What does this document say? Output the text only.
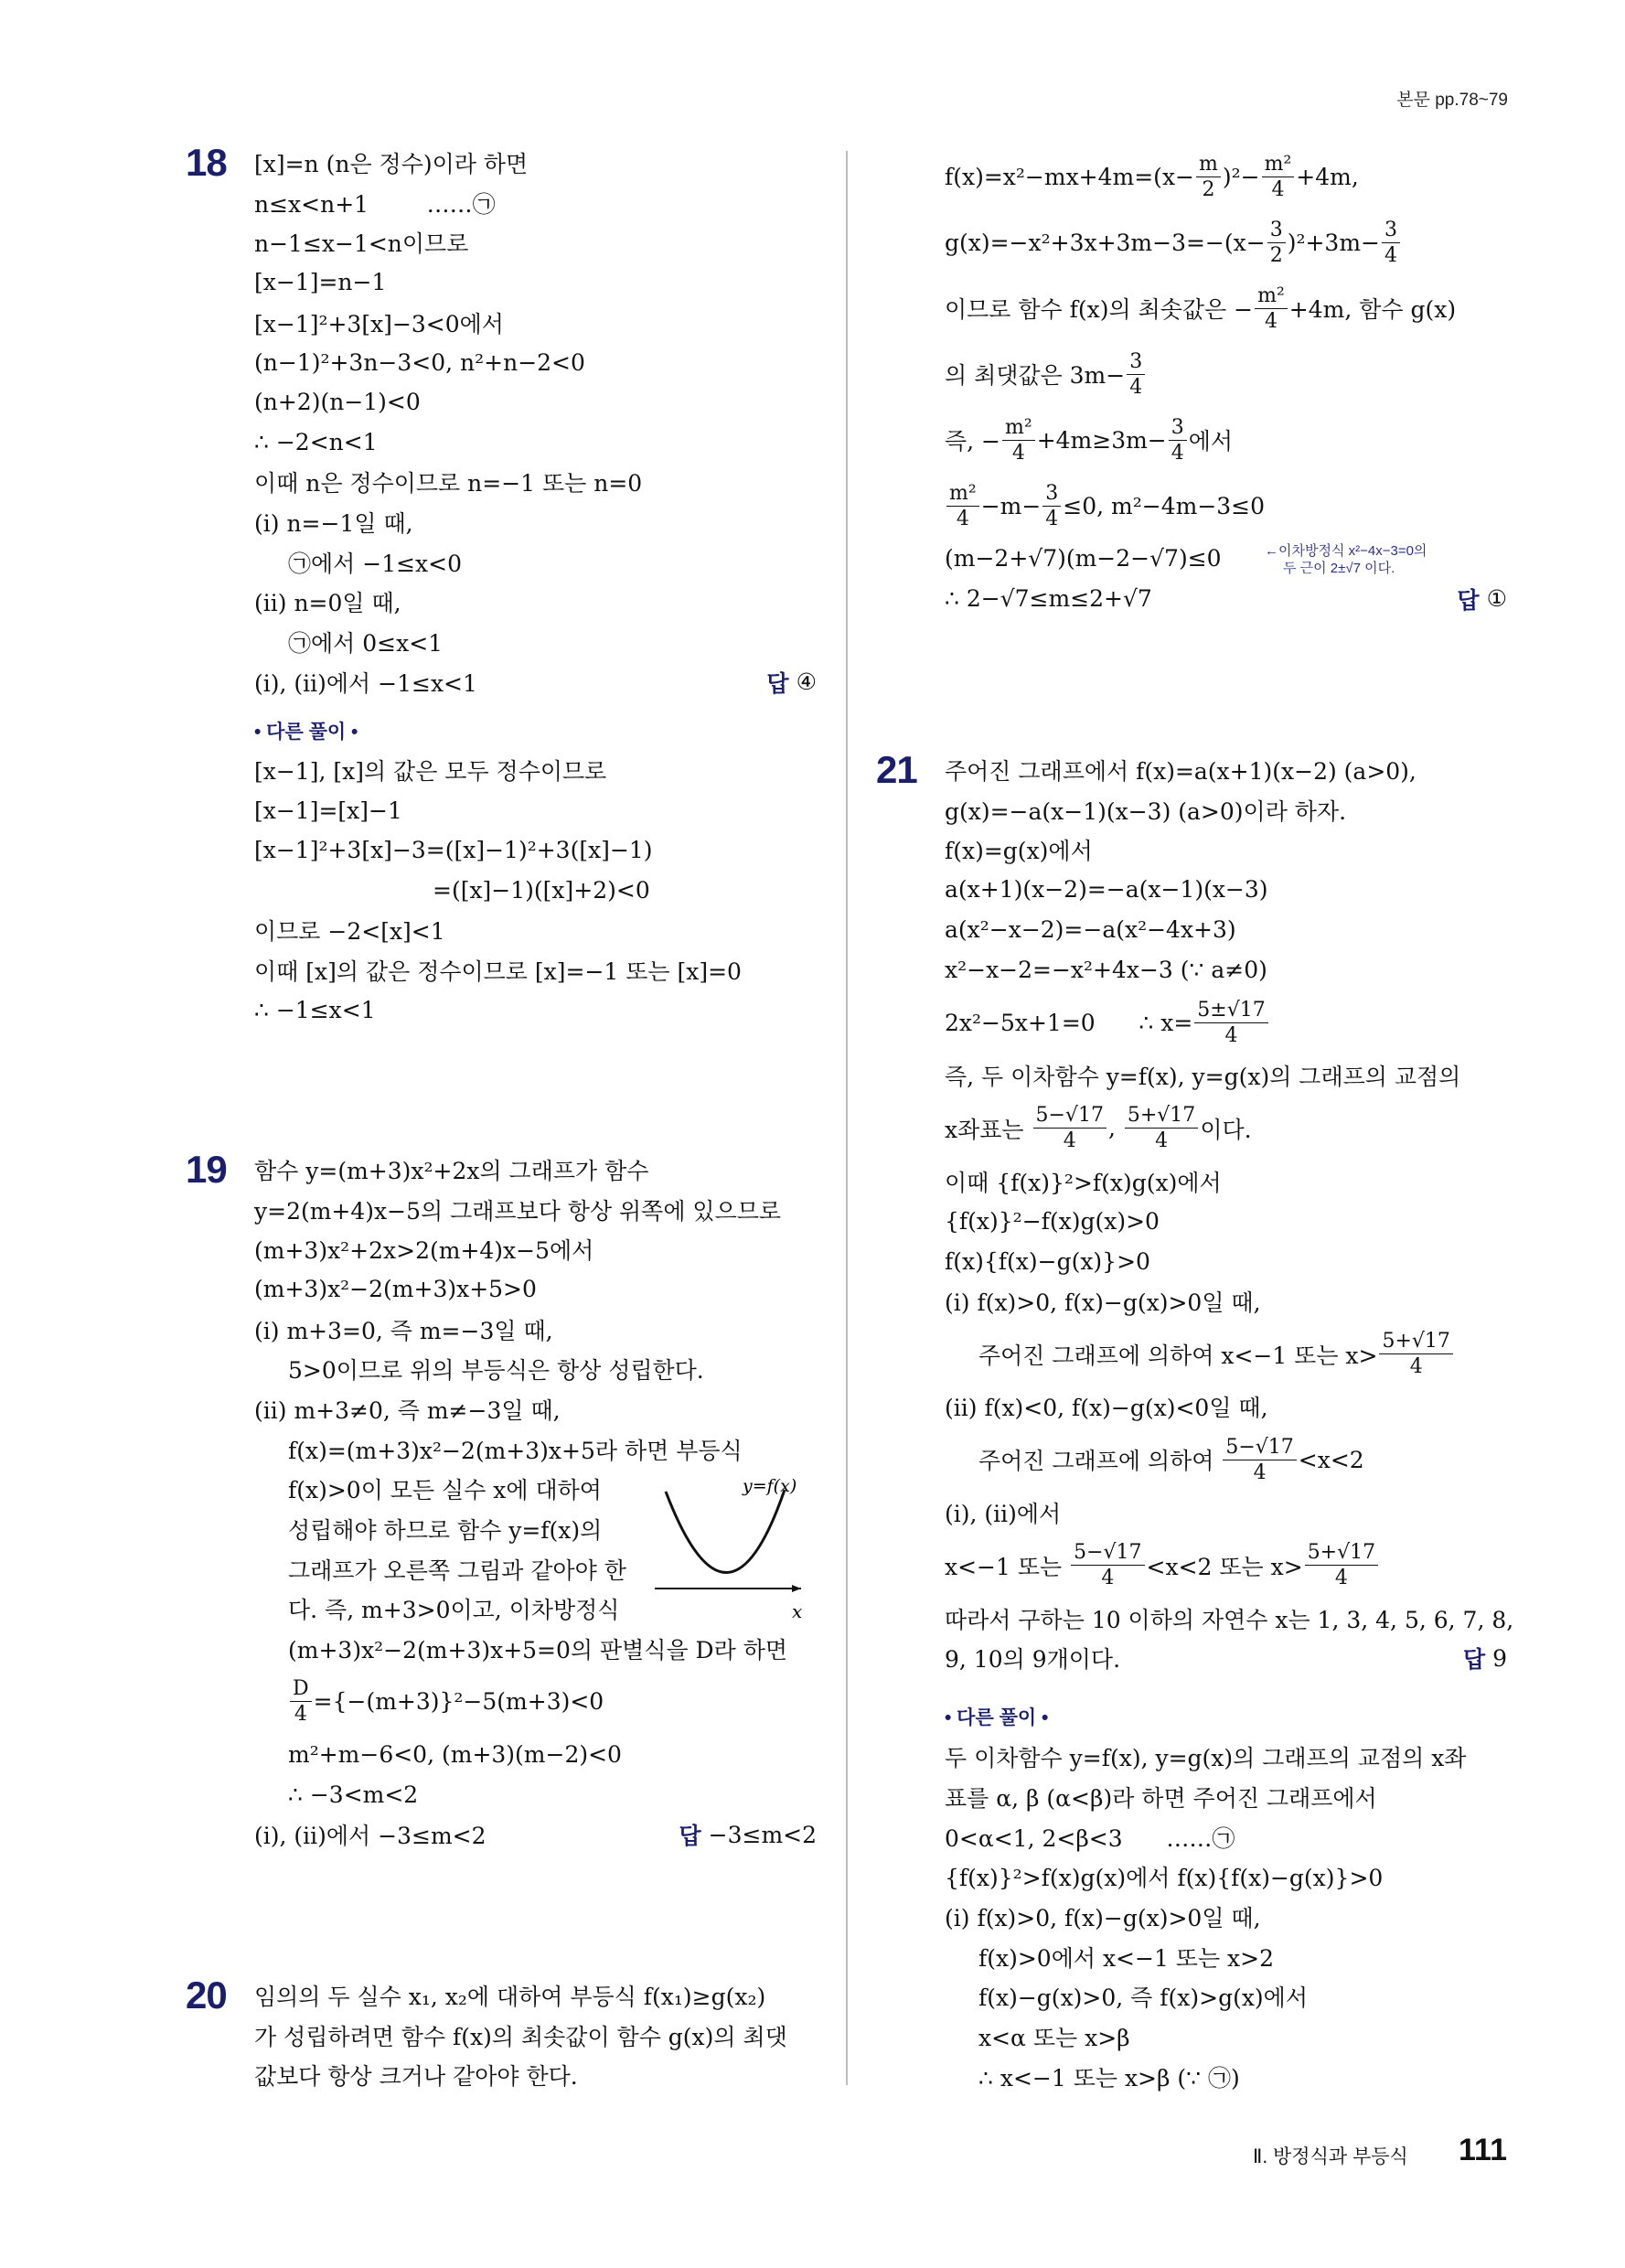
본문 pp.78~79
18 [x]=n (n은 정수)이라 하면
n≤x<n+1        ……㉠
n−1≤x−1<n이므로
[x−1]=n−1
[x−1]²+3[x]−3<0에서
(n−1)²+3n−3<0, n²+n−2<0
(n+2)(n−1)<0
∴ −2<n<1
이때 n은 정수이므로 n=−1 또는 n=0
(ⅰ) n=−1일 때,
㉠에서 −1≤x<0
(ⅱ) n=0일 때,
㉠에서 0≤x<1
(ⅰ), (ⅱ)에서 −1≤x<1	답 ④
• 다른 풀이 •
[x−1], [x]의 값은 모두 정수이므로
[x−1]=[x]−1
[x−1]²+3[x]−3=([x]−1)²+3([x]−1)
=([x]−1)([x]+2)<0
이므로 −2<[x]<1
이때 [x]의 값은 정수이므로 [x]=−1 또는 [x]=0
∴ −1≤x<1
y=f(x)
x
19 함수 y=(m+3)x²+2x의 그래프가 함수
y=2(m+4)x−5의 그래프보다 항상 위쪽에 있으므로
(m+3)x²+2x>2(m+4)x−5에서
(m+3)x²−2(m+3)x+5>0
(ⅰ) m+3=0, 즉 m=−3일 때,
5>0이므로 위의 부등식은 항상 성립한다.
(ⅱ) m+3≠0, 즉 m≠−3일 때,
f(x)=(m+3)x²−2(m+3)x+5라 하면 부등식
f(x)>0이 모든 실수 x에 대하여
성립해야 하므로 함수 y=f(x)의
그래프가 오른쪽 그림과 같아야 한
다. 즉, m+3>0이고, 이차방정식
(m+3)x²−2(m+3)x+5=0의 판별식을 D라 하면
$\frac{D}{4} =\{-(m+3)\}^2-5(m+3)<0$
m²+m−6<0, (m+3)(m−2)<0
∴ −3<m<2
(ⅰ), (ⅱ)에서 −3≤m<2	답 −3≤m<2
20 임의의 두 실수 x₁, x₂에 대하여 부등식 f(x₁)≥g(x₂)
가 성립하려면 함수 f(x)의 최솟값이 함수 g(x)의 최댓
값보다 항상 크거나 같아야 한다.
$f(x)=x^2-mx+4m=(x- \frac{m}{2} )^2- \frac{\text{m²}}{4} +4m$,
$g(x)=-x^2+3x+3m-3=-(x- \frac{3}{2} )^2+3m- \frac{3}{4}$
이므로 함수 f(x)의 최솟값은 − $\frac{\text{m²}}{4} +4m$, 함수 g(x)
의 최댓값은 $3m- \frac{3}{4}$
즉, − $\frac{\text{m²}}{4} +4m\ge 3m- \frac{3}{4}$ 에서
$\frac{\text{m²}}{4} -m- \frac{3}{4} \le 0$, m²−4m−3≤0
(m−2+√7)(m−2−√7)≤0	←이차방정식 x²−4x−3=0의

두 근이 2±√7 이다.
∴ 2−√7≤m≤2+√7	답 ①
21 주어진 그래프에서 f(x)=a(x+1)(x−2) (a>0),
g(x)=−a(x−1)(x−3) (a>0)이라 하자.
f(x)=g(x)에서
a(x+1)(x−2)=−a(x−1)(x−3)
a(x²−x−2)=−a(x²−4x+3)
x²−x−2=−x²+4x−3 (∵ a≠0)
2x²−5x+1=0      ∴ $x= \frac{5\pm√17}{4}$
즉, 두 이차함수 y=f(x), y=g(x)의 그래프의 교점의
x좌표는 $\frac{5-√17}{4}$ , $\frac{5+√17}{4}$ 이다.
이때 {f(x)}²>f(x)g(x)에서
{f(x)}²−f(x)g(x)>0
f(x){f(x)−g(x)}>0
(ⅰ) f(x)>0, f(x)−g(x)>0일 때,
주어진 그래프에 의하여 x<−1 또는 $x> \frac{5+√17}{4}$
(ⅱ) f(x)<0, f(x)−g(x)<0일 때,
주어진 그래프에 의하여 $\frac{5-√17}{4} <x<2$
(ⅰ), (ⅱ)에서
x<−1 또는 $\frac{5-√17}{4} <x<2$ 또는 $x> \frac{5+√17}{4}$
따라서 구하는 10 이하의 자연수 x는 1, 3, 4, 5, 6, 7, 8,
9, 10의 9개이다.	답 9
• 다른 풀이 •
두 이차함수 y=f(x), y=g(x)의 그래프의 교점의 x좌
표를 α, β (α<β)라 하면 주어진 그래프에서
0<α<1, 2<β<3      ……㉠
{f(x)}²>f(x)g(x)에서 f(x){f(x)−g(x)}>0
(ⅰ) f(x)>0, f(x)−g(x)>0일 때,
f(x)>0에서 x<−1 또는 x>2
f(x)−g(x)>0, 즉 f(x)>g(x)에서
x<α 또는 x>β
∴ x<−1 또는 x>β (∵ ㉠)
Ⅱ. 방정식과 부등식 111
